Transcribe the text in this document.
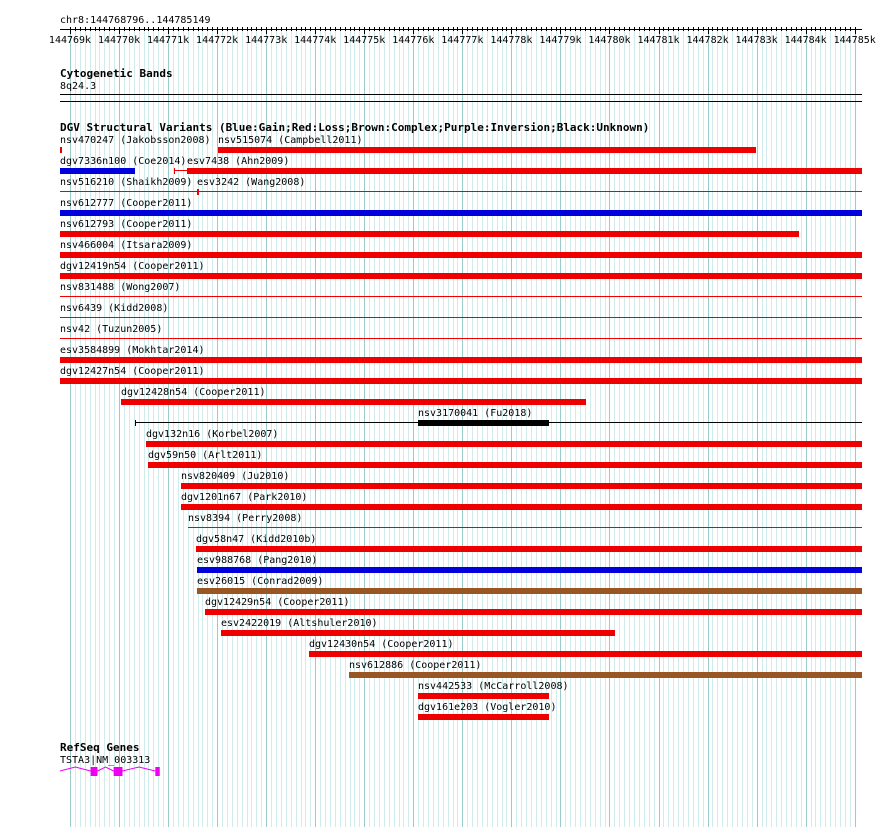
chr8:144768796..144785149
144769k 144770k 144771k 144772k 144773k 144774k 144775k 144776k 144777k 144778k 144779k 144780k 144781k 144782k 144783k 144784k 144785k
Cytogenetic Bands
8q24.3
DGV Structural Variants (Blue:Gain;Red:Loss;Brown:Complex;Purple:Inversion;Black:Unknown)
nsv470247 (Jakobsson2008) nsv515074 (Campbell2011)
dgv7336n100 (Coe2014) esv7438 (Ahn2009)
nsv516210 (Shaikh2009) esv3242 (Wang2008)
nsv612777 (Cooper2011)
nsv612793 (Cooper2011)
nsv466004 (Itsara2009)
dgv12419n54 (Cooper2011)
nsv831488 (Wong2007)
nsv6439 (Kidd2008)
nsv42 (Tuzun2005)
esv3584899 (Mokhtar2014)
dgv12427n54 (Cooper2011)
dgv12428n54 (Cooper2011)
nsv3170041 (Fu2018)
dgv132n16 (Korbel2007)
dgv59n50 (Arlt2011)
nsv820409 (Ju2010)
dgv1201n67 (Park2010)
nsv8394 (Perry2008)
dgv58n47 (Kidd2010b)
esv988768 (Pang2010)
esv26015 (Conrad2009)
dgv12429n54 (Cooper2011)
esv2422019 (Altshuler2010)
dgv12430n54 (Cooper2011)
nsv612886 (Cooper2011)
nsv442533 (McCarroll2008)
dgv161e203 (Vogler2010)
RefSeq Genes
TSTA3|NM_003313
